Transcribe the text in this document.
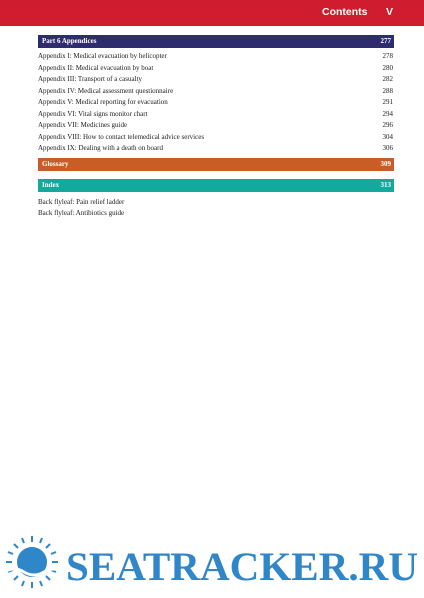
Contents V
Part 6 Appendices	277
Appendix I: Medical evacuation by helicopter	278
Appendix II: Medical evacuation by boat	280
Appendix III: Transport of a casualty	282
Appendix IV: Medical assessment questionnaire	288
Appendix V: Medical reporting for evacuation	291
Appendix VI: Vital signs monitor chart	294
Appendix VII: Medicines guide	296
Appendix VIII: How to contact telemedical advice services	304
Appendix IX: Dealing with a death on board	306
Glossary	309
Index	313
Back flyleaf: Pain relief ladder
Back flyleaf: Antibiotics guide
SEATRACKER.RU
